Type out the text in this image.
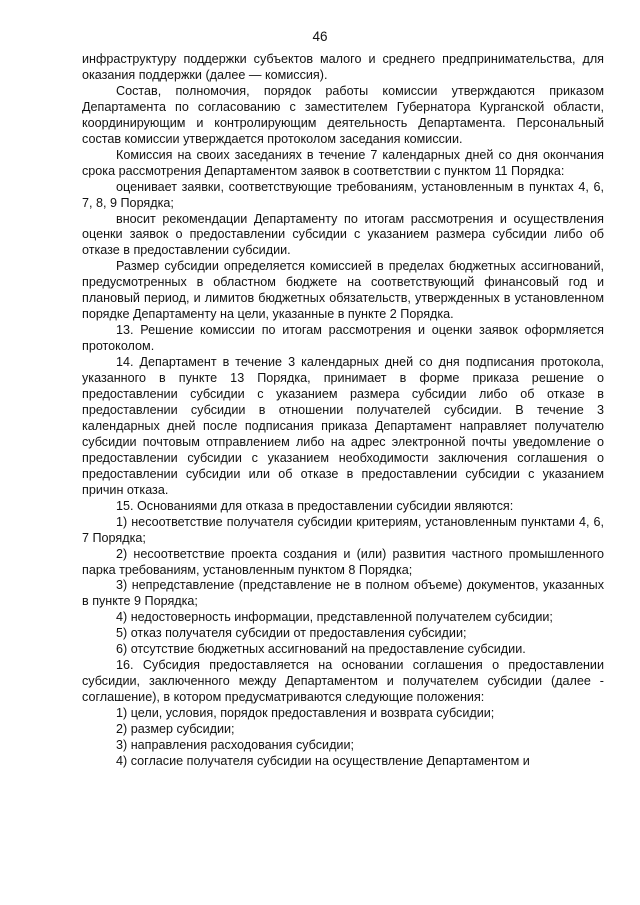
46

инфраструктуру поддержки субъектов малого и среднего предпринимательства, для оказания поддержки (далее — комиссия).

Состав, полномочия, порядок работы комиссии утверждаются приказом Департамента по согласованию с заместителем Губернатора Курганской области, координирующим и контролирующим деятельность Департамента. Персональный состав комиссии утверждается протоколом заседания комиссии.

Комиссия на своих заседаниях в течение 7 календарных дней со дня окончания срока рассмотрения Департаментом заявок в соответствии с пунктом 11 Порядка:

оценивает заявки, соответствующие требованиям, установленным в пунктах 4, 6, 7, 8, 9 Порядка;

вносит рекомендации Департаменту по итогам рассмотрения и осуществления оценки заявок о предоставлении субсидии с указанием размера субсидии либо об отказе в предоставлении субсидии.

Размер субсидии определяется комиссией в пределах бюджетных ассигнований, предусмотренных в областном бюджете на соответствующий финансовый год и плановый период, и лимитов бюджетных обязательств, утвержденных в установленном порядке Департаменту на цели, указанные в пункте 2 Порядка.

13. Решение комиссии по итогам рассмотрения и оценки заявок оформляется протоколом.

14. Департамент в течение 3 календарных дней со дня подписания протокола, указанного в пункте 13 Порядка, принимает в форме приказа решение о предоставлении субсидии с указанием размера субсидии либо об отказе в предоставлении субсидии в отношении получателей субсидии. В течение 3 календарных дней после подписания приказа Департамент направляет получателю субсидии почтовым отправлением либо на адрес электронной почты уведомление о предоставлении субсидии с указанием необходимости заключения соглашения о предоставлении субсидии или об отказе в предоставлении субсидии с указанием причин отказа.

15. Основаниями для отказа в предоставлении субсидии являются:

1) несоответствие получателя субсидии критериям, установленным пунктами 4, 6, 7 Порядка;

2) несоответствие проекта создания и (или) развития частного промышленного парка требованиям, установленным пунктом 8 Порядка;

3) непредставление (представление не в полном объеме) документов, указанных в пункте 9 Порядка;

4) недостоверность информации, представленной получателем субсидии;

5) отказ получателя субсидии от предоставления субсидии;

6) отсутствие бюджетных ассигнований на предоставление субсидии.

16. Субсидия предоставляется на основании соглашения о предоставлении субсидии, заключенного между Департаментом и получателем субсидии (далее - соглашение), в котором предусматриваются следующие положения:

1) цели, условия, порядок предоставления и возврата субсидии;

2) размер субсидии;

3) направления расходования субсидии;

4) согласие получателя субсидии на осуществление Департаментом и
